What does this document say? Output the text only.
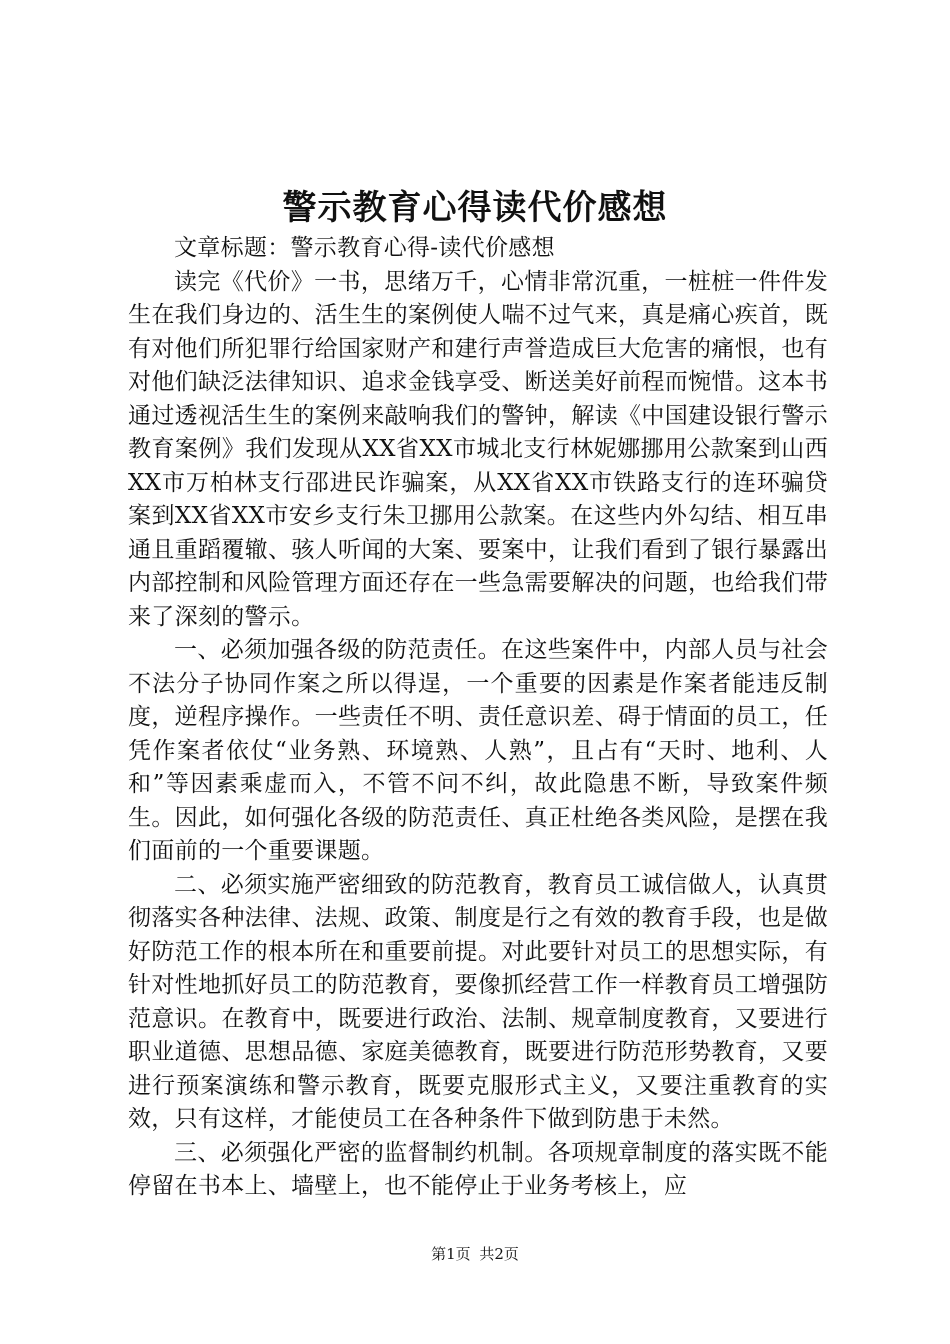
警示教育心得读代价感想

文章标题：警示教育心得-读代价感想

读完《代价》一书，思绪万千，心情非常沉重，一桩桩一件件发生在我们身边的、活生生的案例使人喘不过气来，真是痛心疾首，既有对他们所犯罪行给国家财产和建行声誉造成巨大危害的痛恨，也有对他们缺泛法律知识、追求金钱享受、断送美好前程而惋惜。这本书通过透视活生生的案例来敲响我们的警钟，解读《中国建设银行警示教育案例》我们发现从XX省XX市城北支行林妮娜挪用公款案到山西XX市万柏林支行邵进民诈骗案，从XX省XX市铁路支行的连环骗贷案到XX省XX市安乡支行朱卫挪用公款案。在这些内外勾结、相互串通且重蹈覆辙、骇人听闻的大案、要案中，让我们看到了银行暴露出内部控制和风险管理方面还存在一些急需要解决的问题，也给我们带来了深刻的警示。

一、必须加强各级的防范责任。在这些案件中，内部人员与社会不法分子协同作案之所以得逞，一个重要的因素是作案者能违反制度，逆程序操作。一些责任不明、责任意识差、碍于情面的员工，任凭作案者依仗“业务熟、环境熟、人熟”，且占有“天时、地利、人和”等因素乘虚而入，不管不问不纠，故此隐患不断，导致案件频生。因此，如何强化各级的防范责任、真正杜绝各类风险，是摆在我们面前的一个重要课题。

二、必须实施严密细致的防范教育，教育员工诚信做人，认真贯彻落实各种法律、法规、政策、制度是行之有效的教育手段，也是做好防范工作的根本所在和重要前提。对此要针对员工的思想实际，有针对性地抓好员工的防范教育，要像抓经营工作一样教育员工增强防范意识。在教育中，既要进行政治、法制、规章制度教育，又要进行职业道德、思想品德、家庭美德教育，既要进行防范形势教育，又要进行预案演练和警示教育，既要克服形式主义，又要注重教育的实效，只有这样，才能使员工在各种条件下做到防患于未然。

三、必须强化严密的监督制约机制。各项规章制度的落实既不能停留在书本上、墙壁上，也不能停止于业务考核上，应

第1页 共2页
